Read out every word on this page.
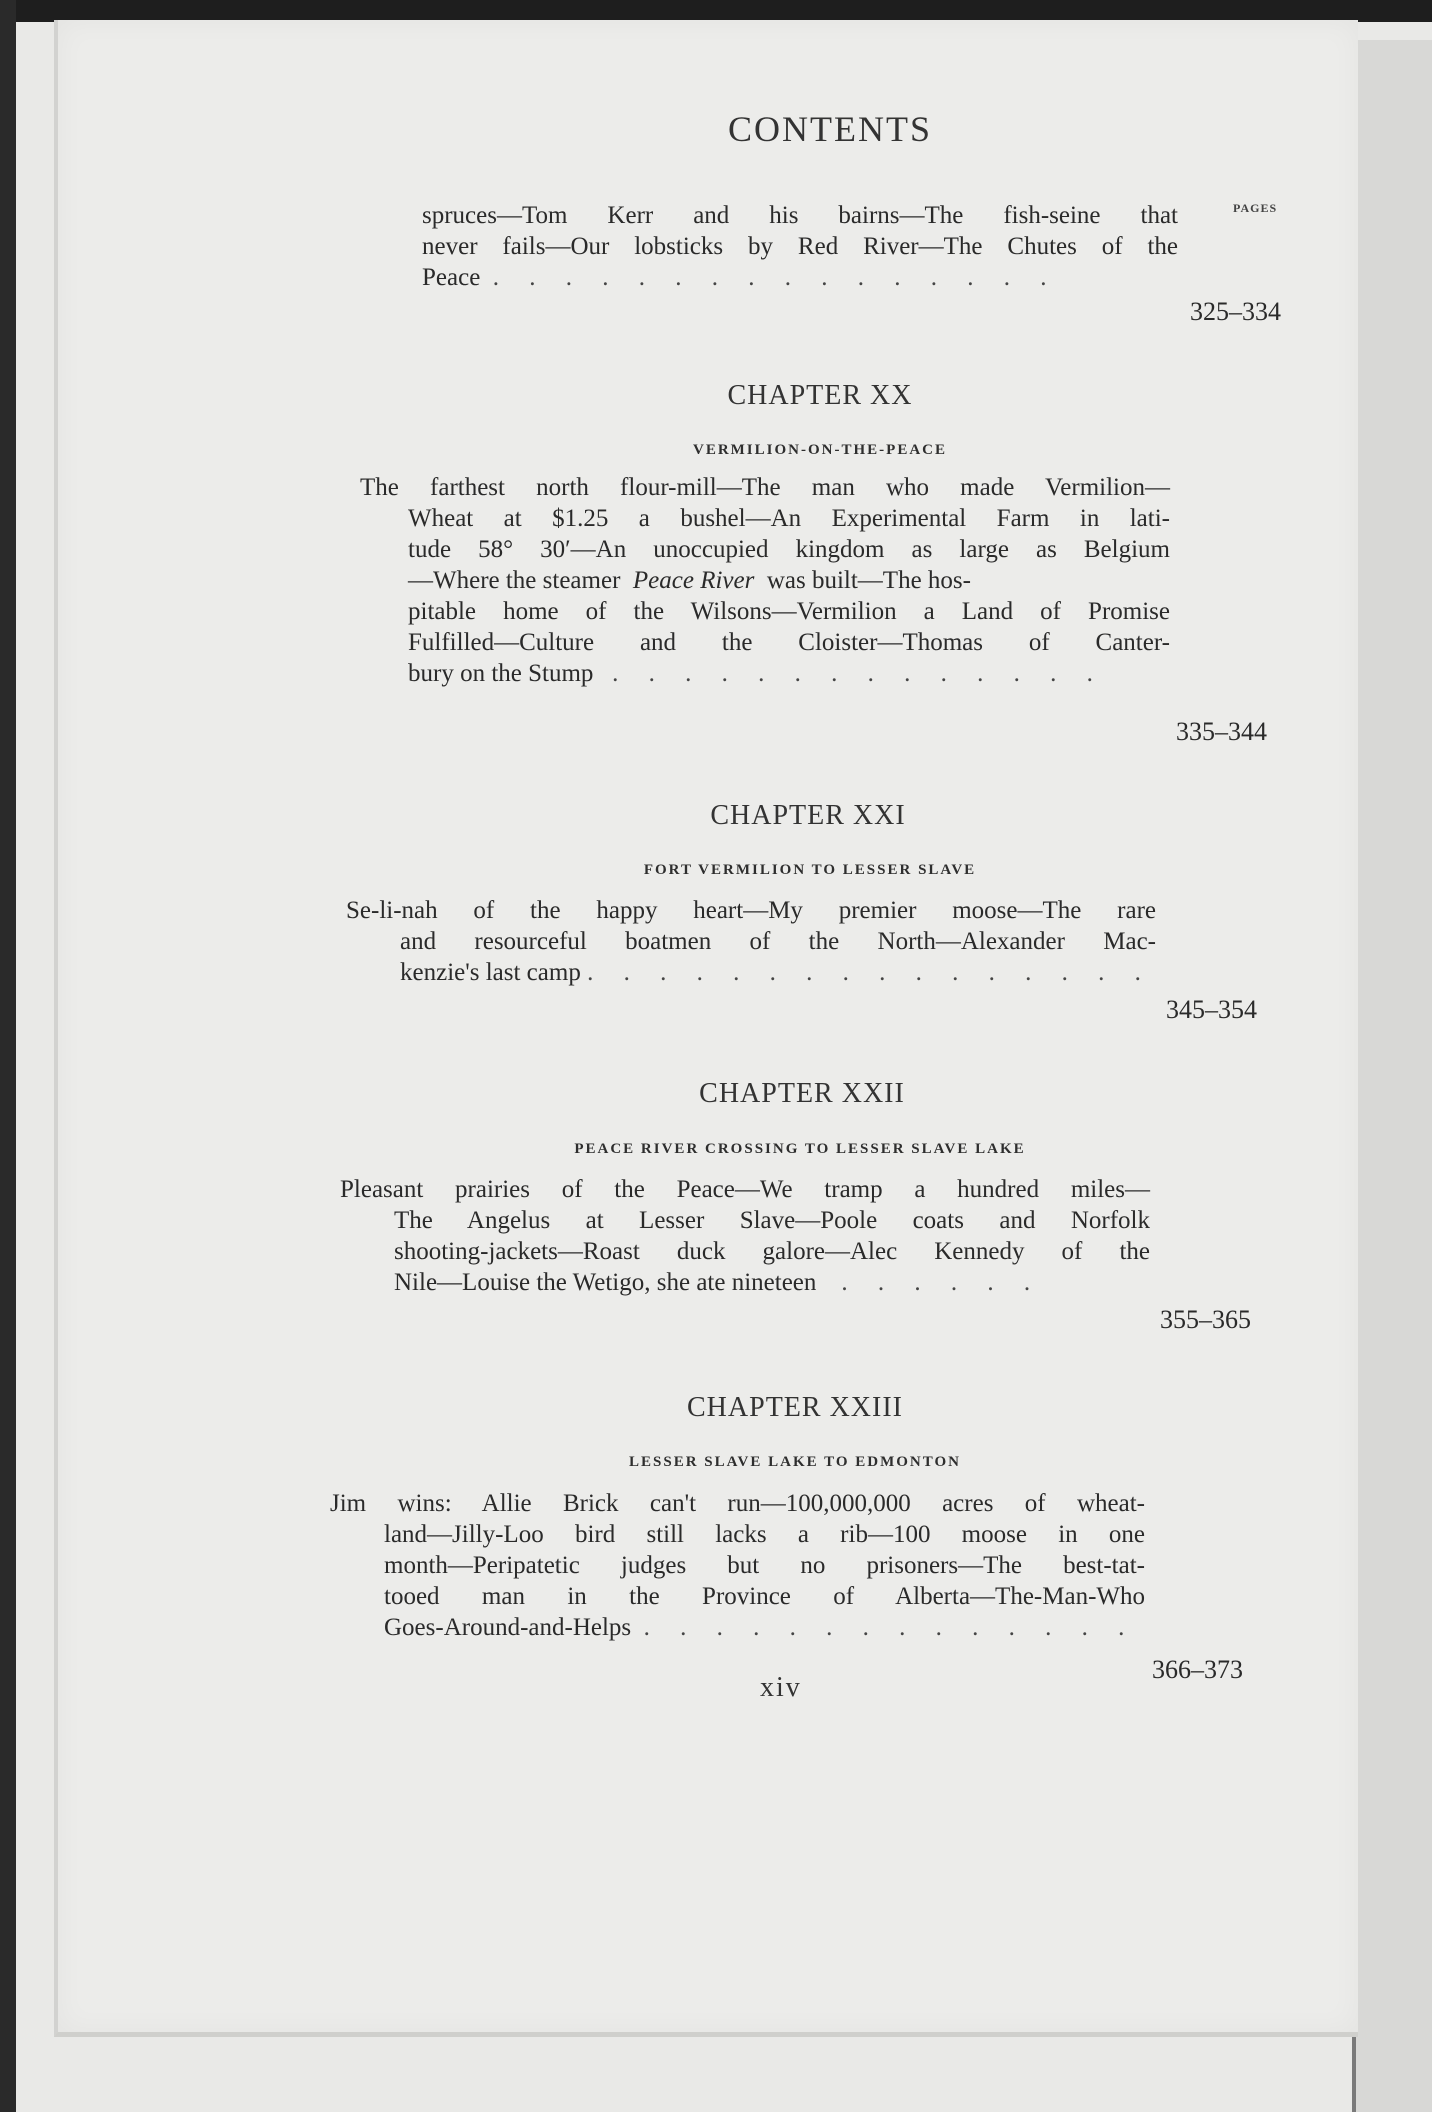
CONTENTS
PAGES
spruces—Tom Kerr and his bairns—The fish-seine that
never fails—Our lobsticks by Red River—The Chutes of the
Peace . . . . . . . . . . . . . . . .
325–334
CHAPTER XX
VERMILION-ON-THE-PEACE
The farthest north flour-mill—The man who made Vermilion—
Wheat at $1.25 a bushel—An Experimental Farm in lati-
tude 58° 30′—An unoccupied kingdom as large as Belgium
—Where the steamer Peace River was built—The hos-
pitable home of the Wilsons—Vermilion a Land of Promise
Fulfilled—Culture and the Cloister—Thomas of Canter-
bury on the Stump . . . . . . . . . . . . . .
335–344
CHAPTER XXI
FORT VERMILION TO LESSER SLAVE
Se-li-nah of the happy heart—My premier moose—The rare
and resourceful boatmen of the North—Alexander Mac-
kenzie's last camp . . . . . . . . . . . . . . . .
345–354
CHAPTER XXII
PEACE RIVER CROSSING TO LESSER SLAVE LAKE
Pleasant prairies of the Peace—We tramp a hundred miles—
The Angelus at Lesser Slave—Poole coats and Norfolk
shooting-jackets—Roast duck galore—Alec Kennedy of the
Nile—Louise the Wetigo, she ate nineteen . . . . . .
355–365
CHAPTER XXIII
LESSER SLAVE LAKE TO EDMONTON
Jim wins: Allie Brick can't run—100,000,000 acres of wheat-
land—Jilly-Loo bird still lacks a rib—100 moose in one
month—Peripatetic judges but no prisoners—The best-tat-
tooed man in the Province of Alberta—The-Man-Who
Goes-Around-and-Helps . . . . . . . . . . . . . .
366–373
xiv
